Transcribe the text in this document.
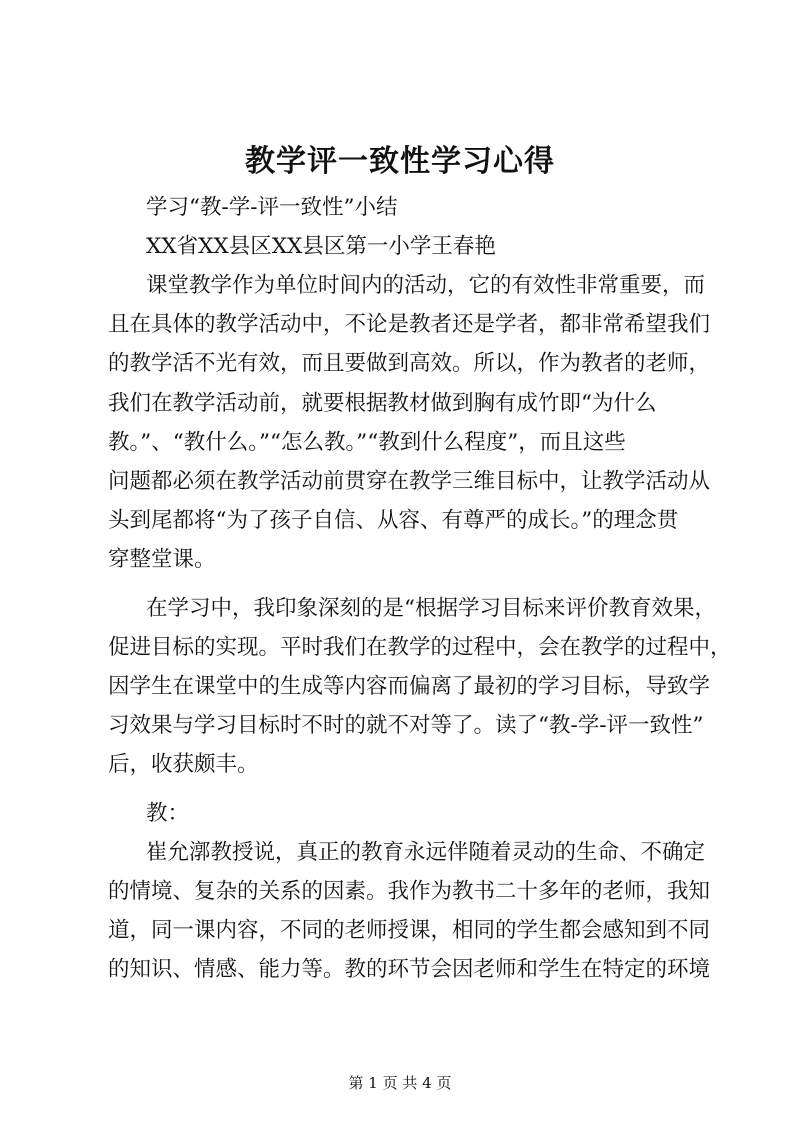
教学评一致性学习心得
学习“教-学-评一致性”小结
XX省XX县区XX县区第一小学王春艳
课堂教学作为单位时间内的活动，它的有效性非常重要，而
且在具体的教学活动中，不论是教者还是学者，都非常希望我们
的教学活不光有效，而且要做到高效。所以，作为教者的老师，
我们在教学活动前，就要根据教材做到胸有成竹即“为什么
教。”、“教什么。”“怎么教。”“教到什么程度”，而且这些
问题都必须在教学活动前贯穿在教学三维目标中，让教学活动从
头到尾都将“为了孩子自信、从容、有尊严的成长。”的理念贯
穿整堂课。
在学习中，我印象深刻的是“根据学习目标来评价教育效果，
促进目标的实现。平时我们在教学的过程中，会在教学的过程中，
因学生在课堂中的生成等内容而偏离了最初的学习目标，导致学
习效果与学习目标时不时的就不对等了。读了“教-学-评一致性”
后，收获颇丰。
教：
崔允漷教授说，真正的教育永远伴随着灵动的生命、不确定
的情境、复杂的关系的因素。我作为教书二十多年的老师，我知
道，同一课内容，不同的老师授课，相同的学生都会感知到不同
的知识、情感、能力等。教的环节会因老师和学生在特定的环境
第 1 页 共 4 页
